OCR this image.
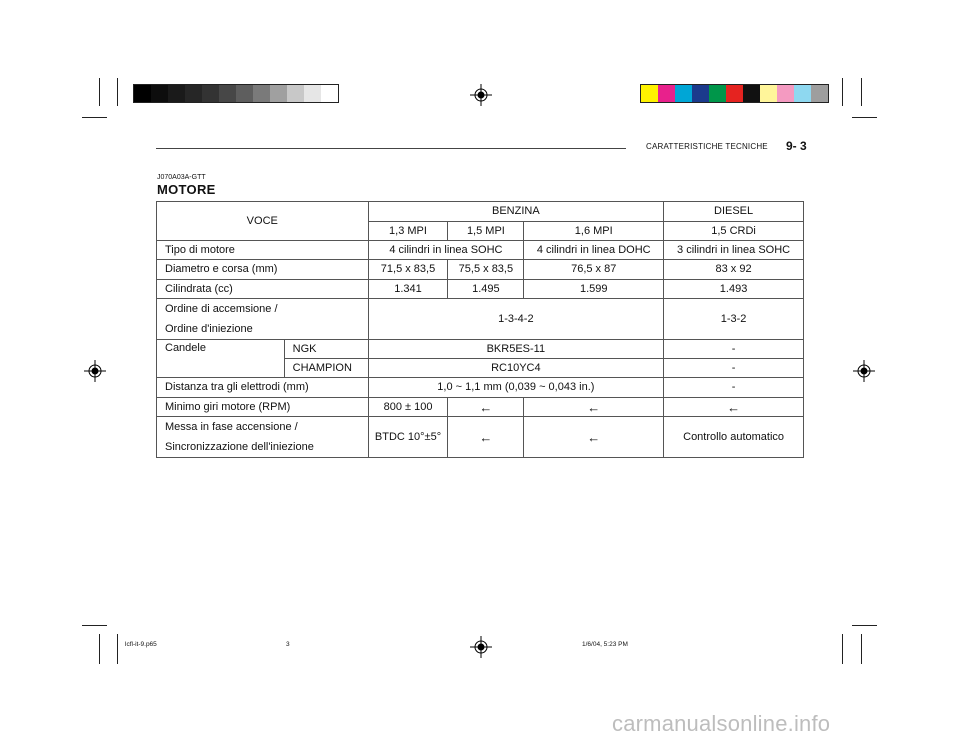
CARATTERISTICHE TECNICHE 9- 3
J070A03A-GTT
MOTORE
VOCE		BENZINA			DIESEL
		1,3 MPI	1,5 MPI	1,6 MPI	1,5 CRDi
Tipo di motore		4 cilindri in linea SOHC		4 cilindri in linea DOHC	3 cilindri in linea SOHC
Diametro e corsa (mm)		71,5 x 83,5	75,5 x 83,5	76,5 x 87	83 x 92
Cilindrata (cc)		1.341	1.495	1.599	1.493

Ordine di accemsione /
Ordine d'iniezione		1-3-4-2			1-3-2
Candele	NGK	BKR5ES-11			-
	CHAMPION	RC10YC4			-
Distanza tra gli elettrodi (mm)		1,0 ~ 1,1 mm (0,039 ~ 0,043 in.)			-
Minimo giri motore (RPM)		800 ± 100	←	←	←

Messa in fase accensione /
Sincronizzazione dell'iniezione		BTDC 10°±5°	←	←	Controllo automatico
lcfl-it-9.p65	3	1/6/04, 5:23 PM
carmanualsonline.info
